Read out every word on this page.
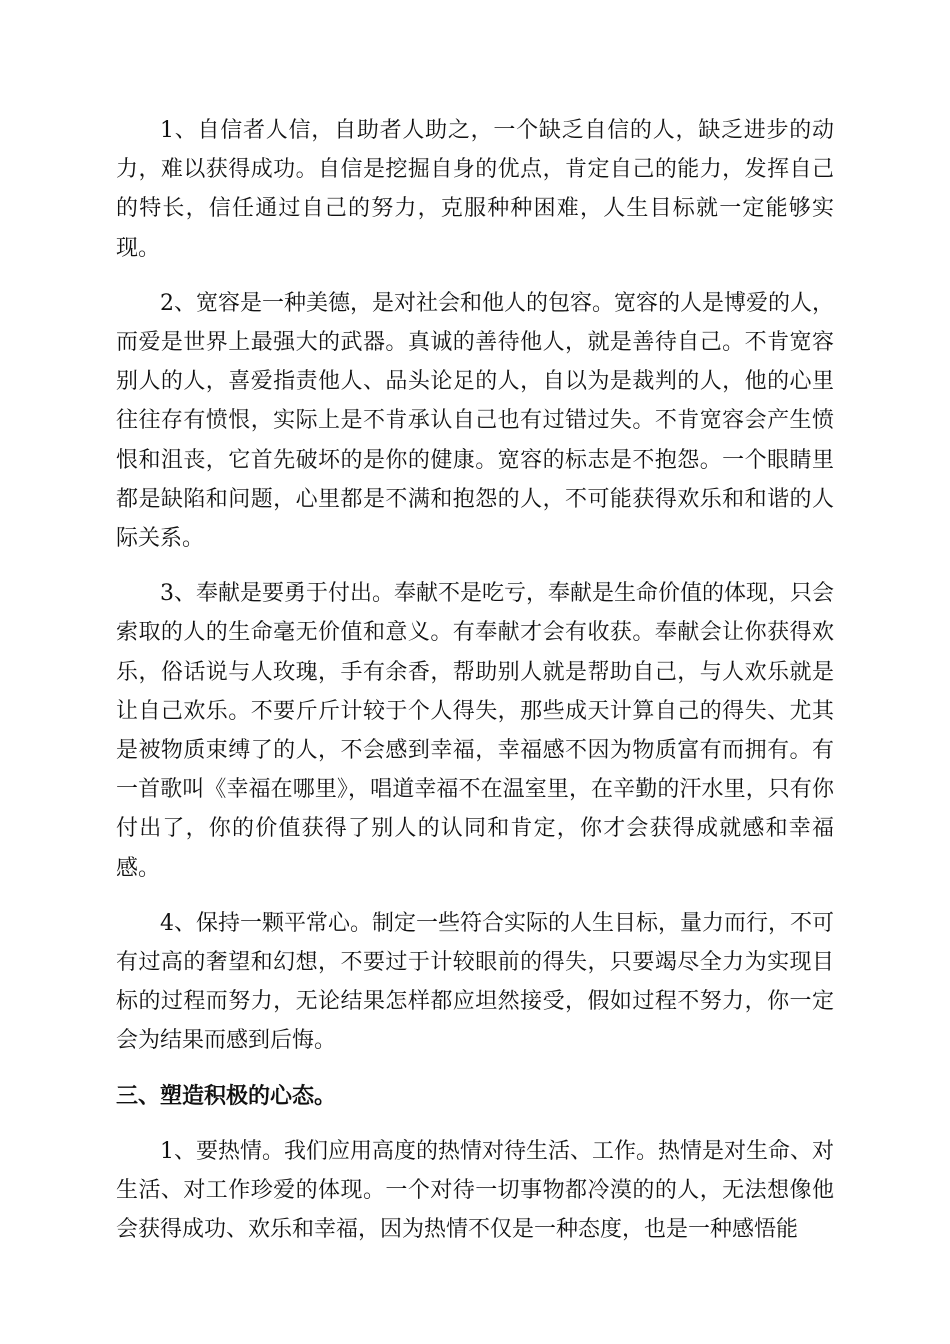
1、自信者人信，自助者人助之，一个缺乏自信的人，缺乏进步的动力，难以获得成功。自信是挖掘自身的优点，肯定自己的能力，发挥自己的特长，信任通过自己的努力，克服种种困难，人生目标就一定能够实现。

2、宽容是一种美德，是对社会和他人的包容。宽容的人是博爱的人，而爱是世界上最强大的武器。真诚的善待他人，就是善待自己。不肯宽容别人的人，喜爱指责他人、品头论足的人，自以为是裁判的人，他的心里往往存有愤恨，实际上是不肯承认自己也有过错过失。不肯宽容会产生愤恨和沮丧，它首先破坏的是你的健康。宽容的标志是不抱怨。一个眼睛里都是缺陷和问题，心里都是不满和抱怨的人，不可能获得欢乐和和谐的人际关系。

3、奉献是要勇于付出。奉献不是吃亏，奉献是生命价值的体现，只会索取的人的生命毫无价值和意义。有奉献才会有收获。奉献会让你获得欢乐，俗话说与人玫瑰，手有余香，帮助别人就是帮助自己，与人欢乐就是让自己欢乐。不要斤斤计较于个人得失，那些成天计算自己的得失、尤其是被物质束缚了的人，不会感到幸福，幸福感不因为物质富有而拥有。有一首歌叫《幸福在哪里》，唱道幸福不在温室里，在辛勤的汗水里，只有你付出了，你的价值获得了别人的认同和肯定，你才会获得成就感和幸福感。

4、保持一颗平常心。制定一些符合实际的人生目标，量力而行，不可有过高的奢望和幻想，不要过于计较眼前的得失，只要竭尽全力为实现目标的过程而努力，无论结果怎样都应坦然接受，假如过程不努力，你一定会为结果而感到后悔。

三、塑造积极的心态。

1、要热情。我们应用高度的热情对待生活、工作。热情是对生命、对生活、对工作珍爱的体现。一个对待一切事物都冷漠的的人，无法想像他会获得成功、欢乐和幸福，因为热情不仅是一种态度，也是一种感悟能
